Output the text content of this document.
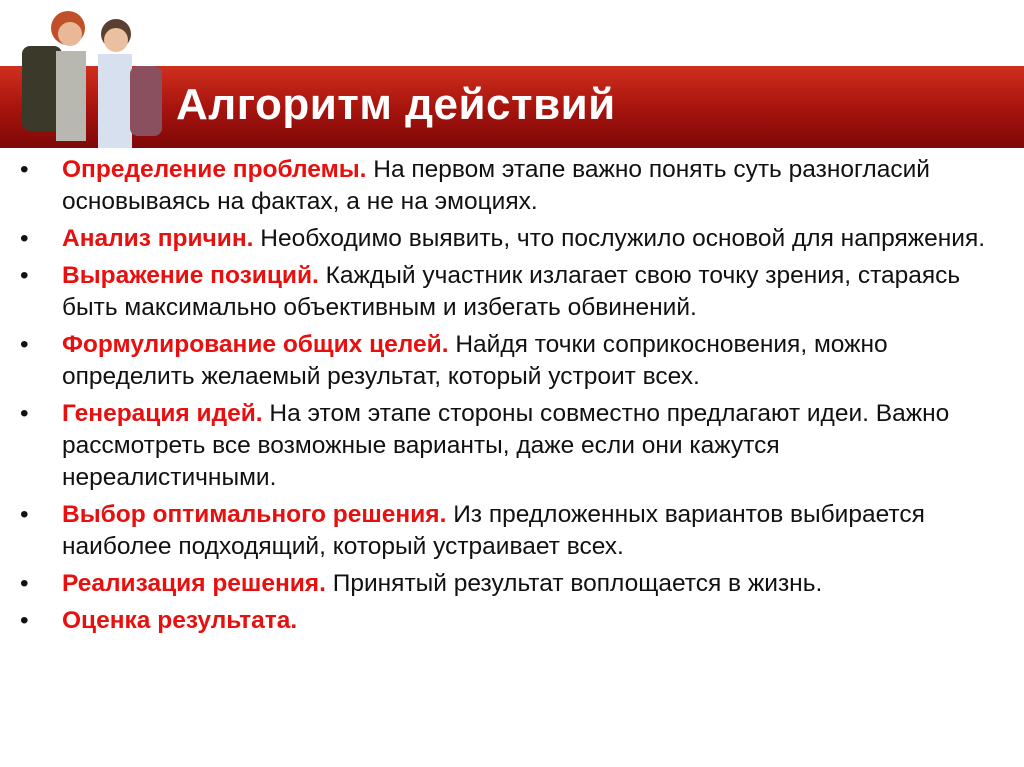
Алгоритм действий
• Определение проблемы. На первом этапе важно понять суть разногласий основываясь на фактах, а не на эмоциях.
• Анализ причин. Необходимо выявить, что послужило основой для напряжения.
• Выражение позиций. Каждый участник излагает свою точку зрения, стараясь быть максимально объективным и избегать обвинений.
• Формулирование общих целей. Найдя точки соприкосновения, можно определить желаемый результат, который устроит всех.
• Генерация идей. На этом этапе стороны совместно предлагают идеи. Важно рассмотреть все возможные варианты, даже если они кажутся нереалистичными.
• Выбор оптимального решения. Из предложенных вариантов выбирается наиболее подходящий, который устраивает всех.
• Реализация решения. Принятый результат воплощается в жизнь.
• Оценка результата.
